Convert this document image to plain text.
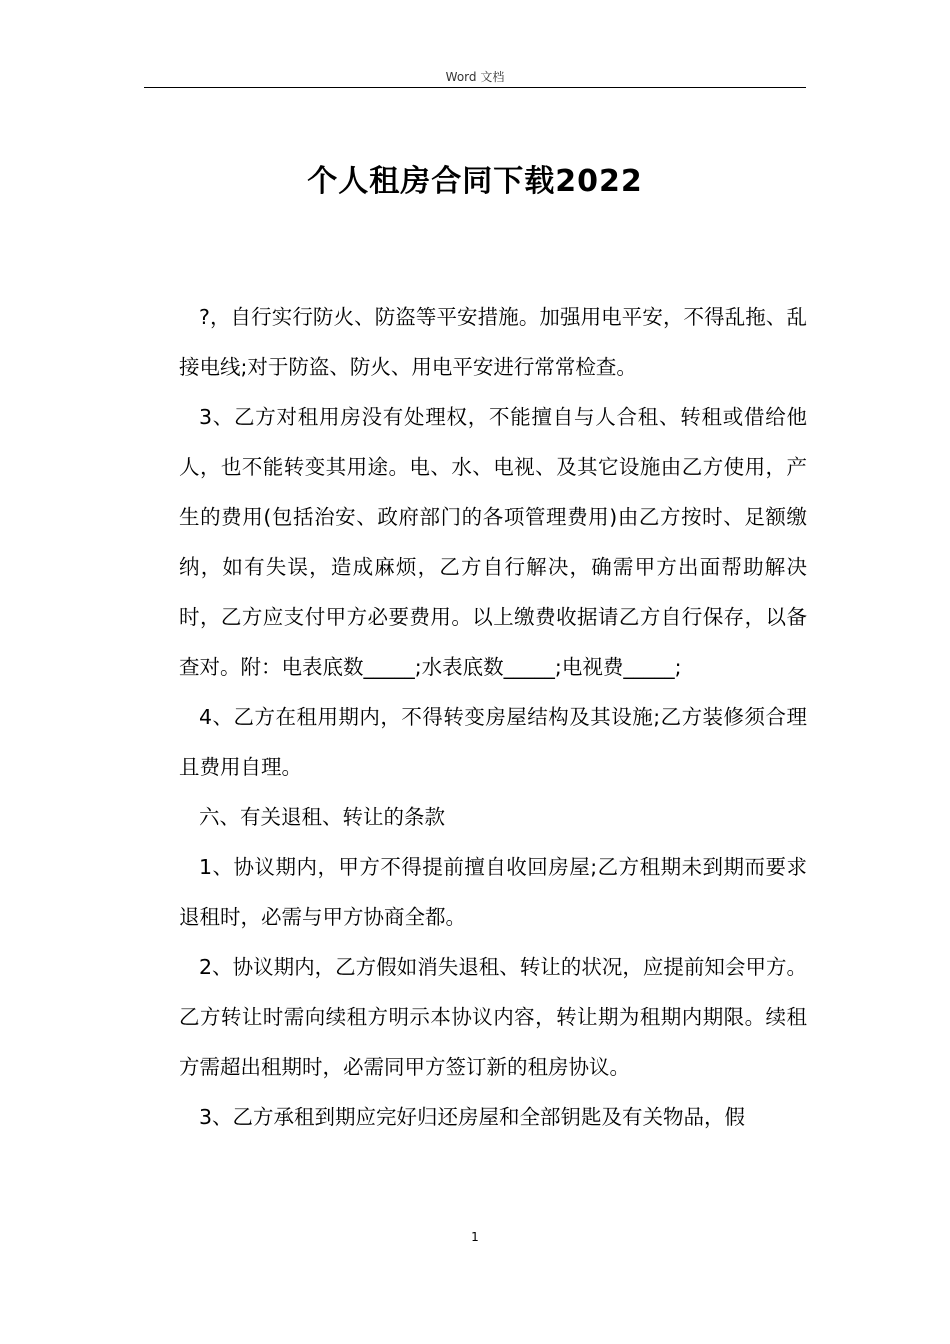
Word 文档
个人租房合同下载2022

?，自行实行防火、防盗等平安措施。加强用电平安，不得乱拖、乱接电线;对于防盗、防火、用电平安进行常常检查。

3、乙方对租用房没有处理权，不能擅自与人合租、转租或借给他人，也不能转变其用途。电、水、电视、及其它设施由乙方使用，产生的费用(包括治安、政府部门的各项管理费用)由乙方按时、足额缴纳，如有失误，造成麻烦，乙方自行解决，确需甲方出面帮助解决时，乙方应支付甲方必要费用。以上缴费收据请乙方自行保存，以备查对。附：电表底数_____;水表底数_____;电视费_____;

4、乙方在租用期内，不得转变房屋结构及其设施;乙方装修须合理且费用自理。

六、有关退租、转让的条款

1、协议期内，甲方不得提前擅自收回房屋;乙方租期未到期而要求退租时，必需与甲方协商全都。

2、协议期内，乙方假如消失退租、转让的状况，应提前知会甲方。乙方转让时需向续租方明示本协议内容，转让期为租期内期限。续租方需超出租期时，必需同甲方签订新的租房协议。

3、乙方承租到期应完好归还房屋和全部钥匙及有关物品，假

1
